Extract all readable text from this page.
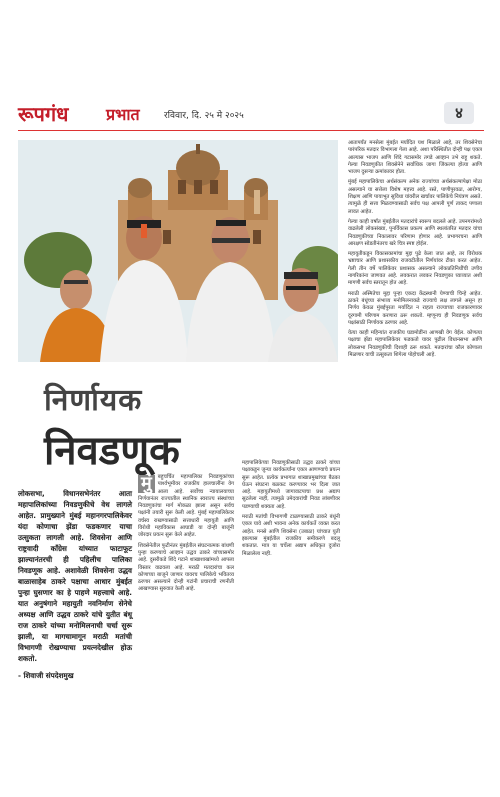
रूपगंध प्रभात	रविवार, दि. २५ मे २०२५	४
निर्णायक
निवडणूक

लोकसभा, विधानसभेनंतर आता महापालिकांच्या निवडणुकीचे वेध लागले आहेत. प्रामुख्याने मुंबई महानगरपालिकेवर यंदा कोणाचा झेंडा फडकणार याचा उत्सुकता लागली आहे. शिवसेना आणि राष्ट्रवादी काँग्रेस यांच्यात फाटाफूट झाल्यानंतरची ही पहिलीच पालिका निवडणूक आहे. अशावेळी शिवसेना उद्धव बाळासाहेब ठाकरे पक्षाचा आधार मुंबईत पुन्हा घुसणार का हे पाहणे महत्त्वाचे आहे. यात अनुषंगाने महायुती नवनिर्माण सेनेचे अध्यक्ष आणि उद्धव ठाकरे यांचे युतीत बंधू राज ठाकरे यांच्या मनोमिलनाची चर्चा सुरू झाली, या मागचामागून मराठी मतांची विभागणी रोखण्याचा प्रयत्नदेखील होऊ शकतो.

- शिवाजी संपदेशमुख
मुं	बहुचर्चित महापालिका निवडणुकांच्या पार्श्वभूमीवर राजकीय हालचालींना वेग आला आहे. सर्वोच्च न्यायालयाच्या निर्णयानंतर राज्यातील स्थानिक स्वराज्य संस्थांच्या निवडणुकांचा मार्ग मोकळा झाला असून सर्वच पक्षांनी तयारी सुरू केली आहे. मुंबई महापालिकेवर वर्चस्व राखण्यासाठी सत्ताधारी महायुती आणि विरोधी महाविकास आघाडी या दोन्ही बाजूंनी जोरदार प्रयत्न सुरू केले आहेत.

शिवसेनेतील फुटीनंतर मुंबईतील संघटनात्मक बांधणी पुन्हा करण्याचे आव्हान उद्धव ठाकरे यांच्यासमोर आहे. दुसरीकडे शिंदे गटाने शाखाशाखांमध्ये आपला विस्तार वाढवला आहे. मराठी मतदारांचा कल कोणाच्या बाजूने जाणार यावरच पालिकेचे भवितव्य ठरणार असल्याने दोन्ही गटांनी प्रचाराची रणनीती आखण्यास सुरुवात केली आहे.

महापालिकेच्या निवडणुकीसाठी उद्धव ठाकरे यांच्या पक्षाकडून जुन्या कार्यकर्त्यांना एकत्र आणण्याचे प्रयत्न सुरू आहेत. प्रत्येक प्रभागात शाखाप्रमुखांच्या बैठका घेऊन संघटना बळकट करण्यावर भर दिला जात आहे. महायुतीमध्ये जागावाटपाचा प्रश्न अद्याप सुटलेला नाही, त्यामुळे उमेदवारांची निवड लांबणीवर पडण्याची शक्यता आहे.

मराठी मतांची विभागणी टाळण्यासाठी ठाकरे बंधूंनी एकत्र यावे अशी भावना अनेक कार्यकर्ते व्यक्त करत आहेत. मनसे आणि शिवसेना (उबाठा) यांच्यात युती झाल्यास मुंबईतील राजकीय समीकरणे बदलू शकतात. मात्र या चर्चेला अद्याप अधिकृत दुजोरा मिळालेला नाही.

आतापर्यंत मनसेला मुंबईत मर्यादित यश मिळाले आहे, तर शिवसेनेचा पारंपरिक मतदार विभागला गेला आहे. अशा परिस्थितीत दोन्ही पक्ष एकत्र आल्यास भाजप आणि शिंदे गटासमोर तगडे आव्हान उभे राहू शकते. गेल्या निवडणुकीत शिवसेनेने सर्वाधिक जागा जिंकल्या होत्या आणि भाजप दुसऱ्या क्रमांकावर होता.

मुंबई महापालिकेचा अर्थसंकल्प अनेक राज्यांच्या अर्थसंकल्पापेक्षा मोठा असल्याने या सत्तेला विशेष महत्त्व आहे. रस्ते, पाणीपुरवठा, आरोग्य, शिक्षण आणि पायाभूत सुविधा यांवरील खर्चावर पालिकेचे नियंत्रण असते. त्यामुळे ही सत्ता मिळवण्यासाठी सर्वच पक्ष आपली पूर्ण ताकद पणाला लावत आहेत.

गेल्या काही वर्षांत मुंबईतील मतदारांचे स्वरूप बदलले आहे. उपनगरांमध्ये वाढलेली लोकसंख्या, पुनर्विकास प्रकल्प आणि स्थलांतरित मतदार यांचा निवडणुकीच्या निकालावर परिणाम होणार आहे. प्रभागरचना आणि आरक्षण सोडतीनंतरच खरे चित्र स्पष्ट होईल.

महायुतीकडून विकासकामांचा मुद्दा पुढे केला जात आहे, तर विरोधक भ्रष्टाचार आणि प्रशासकीय राजवटीतील निर्णयांवर टीका करत आहेत. गेली तीन वर्षे पालिकेवर प्रशासक असल्याने लोकप्रतिनिधींची उणीव नागरिकांना जाणवत आहे. लवकरात लवकर निवडणुका घ्याव्यात अशी मागणी सर्वच स्तरातून होत आहे.

मराठी अस्मितेचा मुद्दा पुन्हा एकदा केंद्रस्थानी येण्याची चिन्हे आहेत. ठाकरे बंधूंच्या संभाव्य मनोमिलनाकडे राज्याचे लक्ष लागले असून हा निर्णय केवळ मुंबईपुरता मर्यादित न राहता राज्याच्या राजकारणावर दूरगामी परिणाम करणारा ठरू शकतो. म्हणूनच ही निवडणूक सर्वच पक्षांसाठी निर्णायक ठरणार आहे.

येत्या काही महिन्यांत राजकीय घडामोडींना आणखी वेग येईल. कोणत्या पक्षाचा झेंडा महापालिकेवर फडकतो यावर पुढील विधानसभा आणि लोकसभा निवडणुकीची दिशाही ठरू शकते. मतदारांचा कौल कोणाला मिळणार याची उत्सुकता शिगेला पोहोचली आहे.
